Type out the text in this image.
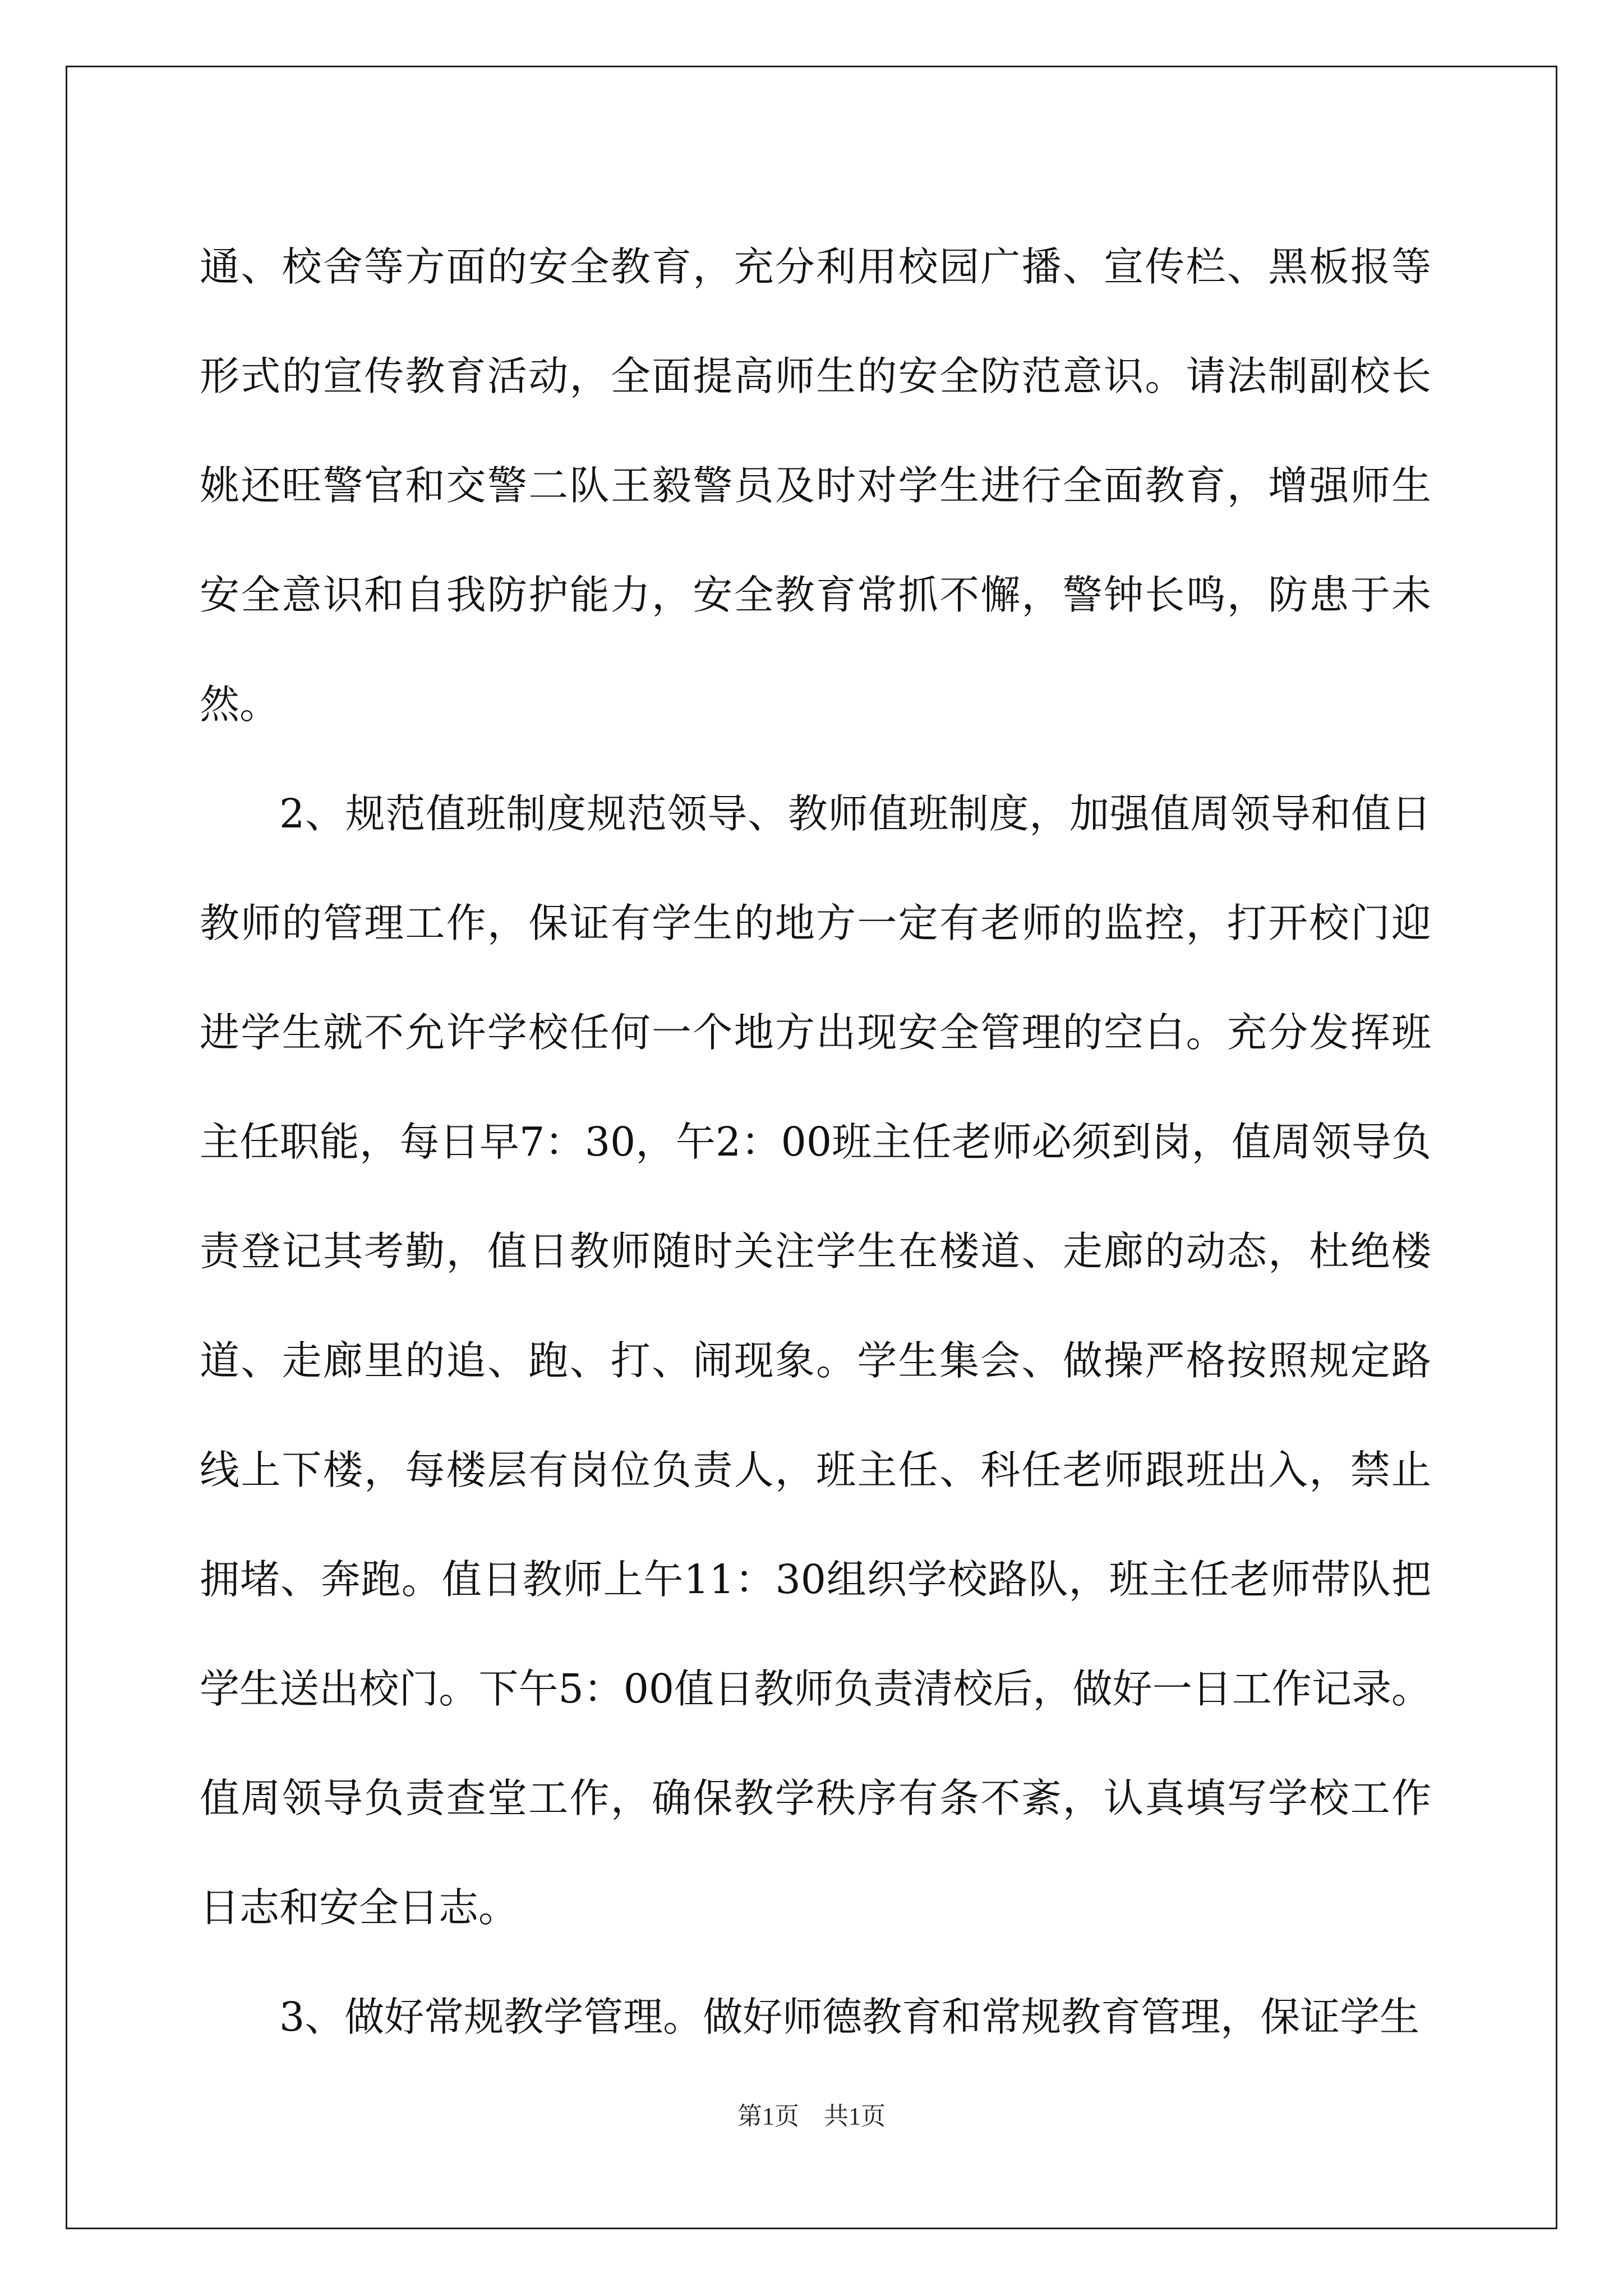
通、校舍等方面的安全教育，充分利用校园广播、宣传栏、黑板报等形式的宣传教育活动，全面提高师生的安全防范意识。请法制副校长姚还旺警官和交警二队王毅警员及时对学生进行全面教育，增强师生安全意识和自我防护能力，安全教育常抓不懈，警钟长鸣，防患于未然。

2、规范值班制度规范领导、教师值班制度，加强值周领导和值日教师的管理工作，保证有学生的地方一定有老师的监控，打开校门迎进学生就不允许学校任何一个地方出现安全管理的空白。充分发挥班主任职能，每日早7：30，午2：00班主任老师必须到岗，值周领导负责登记其考勤，值日教师随时关注学生在楼道、走廊的动态，杜绝楼道、走廊里的追、跑、打、闹现象。学生集会、做操严格按照规定路线上下楼，每楼层有岗位负责人，班主任、科任老师跟班出入，禁止拥堵、奔跑。值日教师上午11：30组织学校路队，班主任老师带队把学生送出校门。下午5：00值日教师负责清校后，做好一日工作记录。值周领导负责查堂工作，确保教学秩序有条不紊，认真填写学校工作日志和安全日志。

3、做好常规教学管理。做好师德教育和常规教育管理，保证学生

第1页　共1页
